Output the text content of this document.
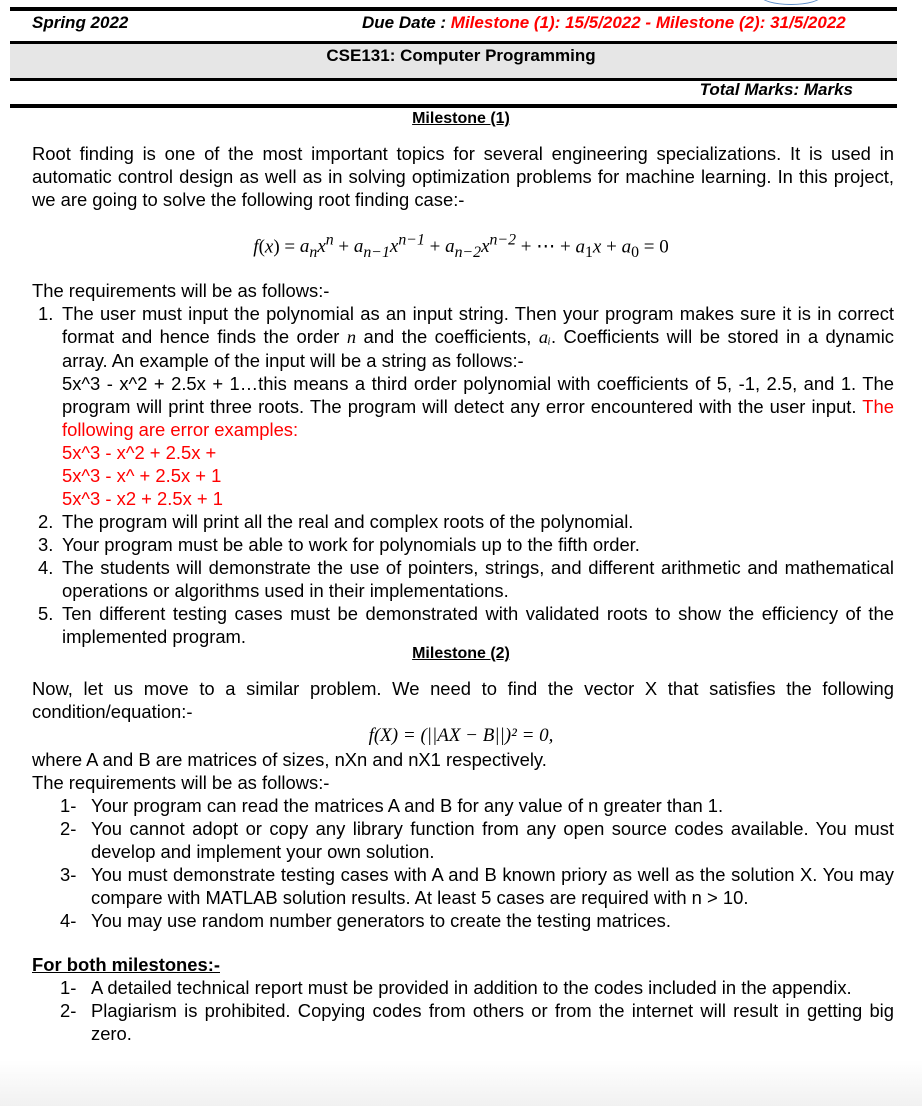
Spring 2022	Due Date : Milestone (1): 15/5/2022 - Milestone (2): 31/5/2022
CSE131: Computer Programming
Total Marks: Marks
Milestone (1)
Root finding is one of the most important topics for several engineering specializations. It is used in automatic control design as well as in solving optimization problems for machine learning. In this project, we are going to solve the following root finding case:-
$f(x) = a_nx^n + a_{n-1}x^{n-1} + a_{n-2}x^{n-2}$ + ⋯ + $a_1x + a_0 = 0$
The requirements will be as follows:-
1. The user must input the polynomial as an input string. Then your program makes sure it is in correct format and hence finds the order n and the coefficients, aᵢ. Coefficients will be stored in a dynamic array. An example of the input will be a string as follows:-
5x^3 - x^2 + 2.5x + 1…this means a third order polynomial with coefficients of 5, -1, 2.5, and 1. The program will print three roots. The program will detect any error encountered with the user input. The following are error examples:
5x^3 - x^2 + 2.5x +
5x^3 - x^ + 2.5x + 1
5x^3 - x2 + 2.5x + 1
2. The program will print all the real and complex roots of the polynomial.
3. Your program must be able to work for polynomials up to the fifth order.
4. The students will demonstrate the use of pointers, strings, and different arithmetic and mathematical operations or algorithms used in their implementations.
5. Ten different testing cases must be demonstrated with validated roots to show the efficiency of the implemented program.
Milestone (2)
Now, let us move to a similar problem. We need to find the vector X that satisfies the following condition/equation:-
f(X) = (||AX − B||)² = 0,
where A and B are matrices of sizes, nXn and nX1 respectively.
The requirements will be as follows:-
1- Your program can read the matrices A and B for any value of n greater than 1.
2- You cannot adopt or copy any library function from any open source codes available. You must develop and implement your own solution.
3- You must demonstrate testing cases with A and B known priory as well as the solution X. You may compare with MATLAB solution results. At least 5 cases are required with n > 10.
4- You may use random number generators to create the testing matrices.
For both milestones:-
1- A detailed technical report must be provided in addition to the codes included in the appendix.
2- Plagiarism is prohibited. Copying codes from others or from the internet will result in getting big zero.
